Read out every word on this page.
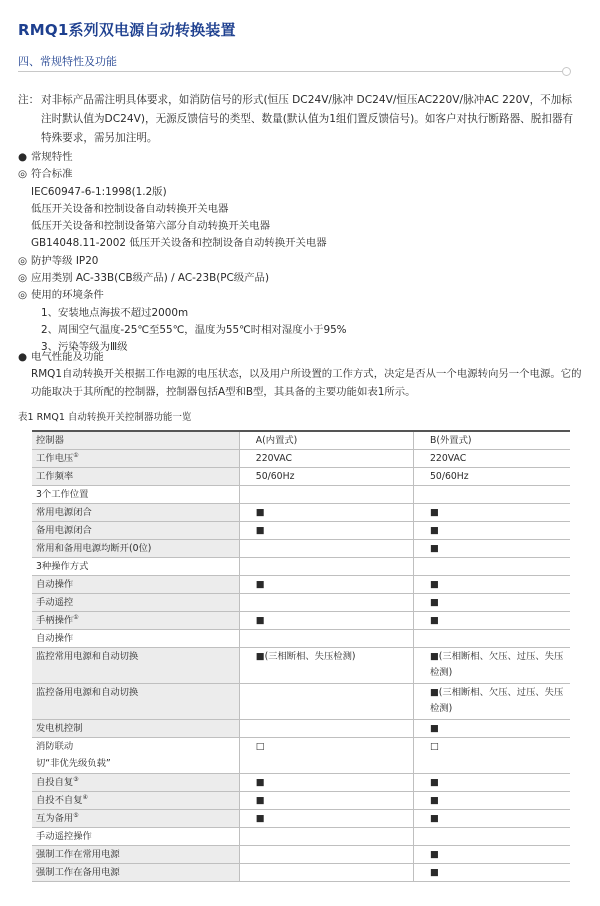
RMQ1系列双电源自动转换装置
四、常规特性及功能
注： 对非标产品需注明具体要求，如消防信号的形式(恒压 DC24V/脉冲 DC24V/恒压AC220V/脉冲AC 220V，不加标注时默认值为DC24V)，无源反馈信号的类型、数量(默认值为1组们置反馈信号)。如客户对执行断路器、脱扣器有特殊要求，需另加注明。
● 常规特性
◎ 符合标准
IEC60947-6-1:1998(1.2版)
低压开关设备和控制设备自动转换开关电器
低压开关设备和控制设备第六部分自动转换开关电器
GB14048.11-2002 低压开关设备和控制设备自动转换开关电器
◎ 防护等级 IP20
◎ 应用类别 AC-33B(CB级产品) / AC-23B(PC级产品)
◎ 使用的环境条件
1、安装地点海拔不超过2000m
2、周围空气温度-25℃至55℃，温度为55℃时相对湿度小于95%
3、污染等级为Ⅲ级
● 电气性能及功能
RMQ1自动转换开关根据工作电源的电压状态，以及用户所设置的工作方式，决定是否从一个电源转向另一个电源。它的功能取决于其所配的控制器，控制器包括A型和B型，其具备的主要功能如表1所示。
表1 RMQ1 自动转换开关控制器功能一览
控制器	A(内置式)	B(外置式)
工作电压①	220VAC	220VAC
工作频率	50/60Hz	50/60Hz
3个工作位置		
常用电源闭合	■	■
备用电源闭合	■	■
常用和备用电源均断开(0位)		■
3种操作方式		
自动操作	■	■
手动遥控		■
手柄操作①	■	■
自动操作		
监控常用电源和自动切换	■(三相断相、失压检测)	■(三相断相、欠压、过压、失压检测)
监控备用电源和自动切换		■(三相断相、欠压、过压、失压检测)
发电机控制		■
消防联动
切“非优先级负载”	□	□
自投自复③	■	■
自投不自复④	■	■
互为备用⑤	■	■
手动遥控操作		
强制工作在常用电源		■
强制工作在备用电源		■
